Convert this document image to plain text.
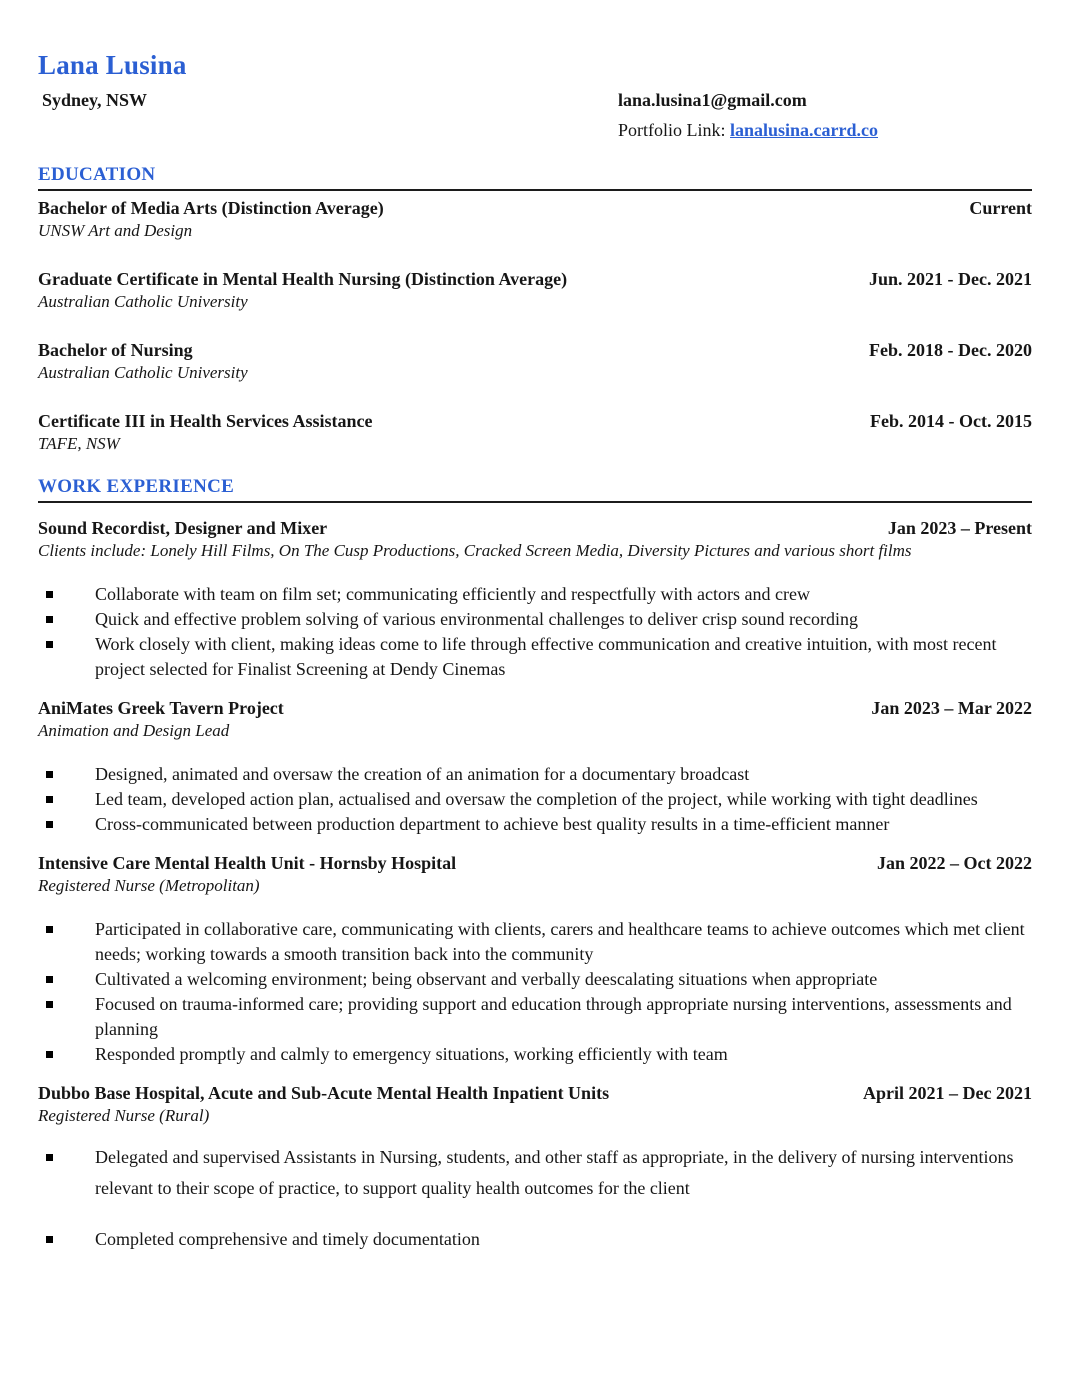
Lana Lusina
Sydney, NSW	lana.lusina1@gmail.com
Portfolio Link: lanalusina.carrd.co
EDUCATION
Bachelor of Media Arts (Distinction Average)	Current
UNSW Art and Design
Graduate Certificate in Mental Health Nursing (Distinction Average)	Jun. 2021 - Dec. 2021
Australian Catholic University
Bachelor of Nursing	Feb. 2018 - Dec. 2020
Australian Catholic University
Certificate III in Health Services Assistance	Feb. 2014 - Oct. 2015
TAFE, NSW
WORK EXPERIENCE
Sound Recordist, Designer and Mixer	Jan 2023 – Present
Clients include: Lonely Hill Films, On The Cusp Productions, Cracked Screen Media, Diversity Pictures and various short films
Collaborate with team on film set; communicating efficiently and respectfully with actors and crew
Quick and effective problem solving of various environmental challenges to deliver crisp sound recording
Work closely with client, making ideas come to life through effective communication and creative intuition, with most recent project selected for Finalist Screening at Dendy Cinemas
AniMates Greek Tavern Project	Jan 2023 – Mar 2022
Animation and Design Lead
Designed, animated and oversaw the creation of an animation for a documentary broadcast
Led team, developed action plan, actualised and oversaw the completion of the project, while working with tight deadlines
Cross-communicated between production department to achieve best quality results in a time-efficient manner
Intensive Care Mental Health Unit - Hornsby Hospital	Jan 2022 – Oct 2022
Registered Nurse (Metropolitan)
Participated in collaborative care, communicating with clients, carers and healthcare teams to achieve outcomes which met client needs; working towards a smooth transition back into the community
Cultivated a welcoming environment; being observant and verbally deescalating situations when appropriate
Focused on trauma-informed care; providing support and education through appropriate nursing interventions, assessments and planning
Responded promptly and calmly to emergency situations, working efficiently with team
Dubbo Base Hospital, Acute and Sub-Acute Mental Health Inpatient Units	April 2021 – Dec 2021
Registered Nurse (Rural)
Delegated and supervised Assistants in Nursing, students, and other staff as appropriate, in the delivery of nursing interventions relevant to their scope of practice, to support quality health outcomes for the client
Completed comprehensive and timely documentation
